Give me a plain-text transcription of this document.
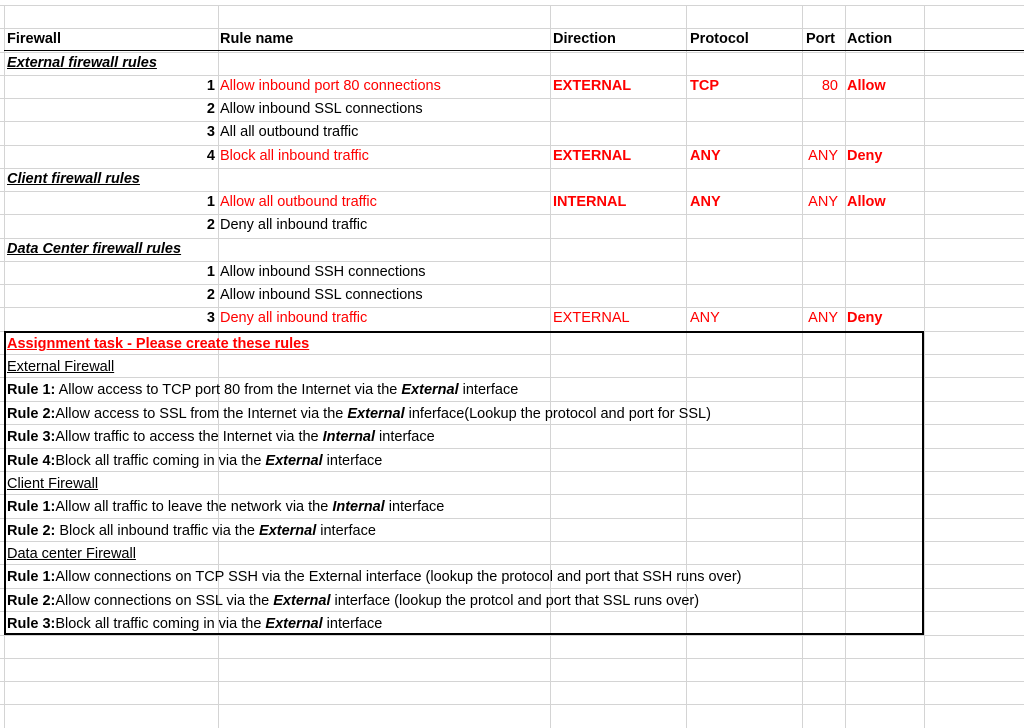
Firewall	Rule name	Direction	Protocol	Port Action
External firewall rules
1 Allow inbound port 80 connections	EXTERNAL	TCP	80 Allow
2 Allow inbound SSL connections
3 All all outbound traffic
4 Block all inbound traffic	EXTERNAL	ANY	ANY Deny
Client firewall rules
1 Allow all outbound traffic	INTERNAL	ANY	ANY Allow
2 Deny all inbound traffic
Data Center firewall rules
1 Allow inbound SSH connections
2 Allow inbound SSL connections
3 Deny all inbound traffic	EXTERNAL	ANY	ANY Deny
Assignment task - Please create these rules
External Firewall
Rule 1: Allow access to TCP port 80 from the Internet via the External interface
Rule 2:Allow access to SSL from the Internet via the External inferface(Lookup the protocol and port for SSL)
Rule 3:Allow traffic to access the Internet via the Internal interface
Rule 4:Block all traffic coming in via the External interface
Client Firewall
Rule 1:Allow all traffic to leave the network via the Internal interface
Rule 2: Block all inbound traffic via the External interface
Data center Firewall
Rule 1:Allow connections on TCP SSH via the External interface (lookup the protocol and port that SSH runs over)
Rule 2:Allow connections on SSL via the External interface (lookup the protcol and port that SSL runs over)
Rule 3:Block all traffic coming in via the External interface
